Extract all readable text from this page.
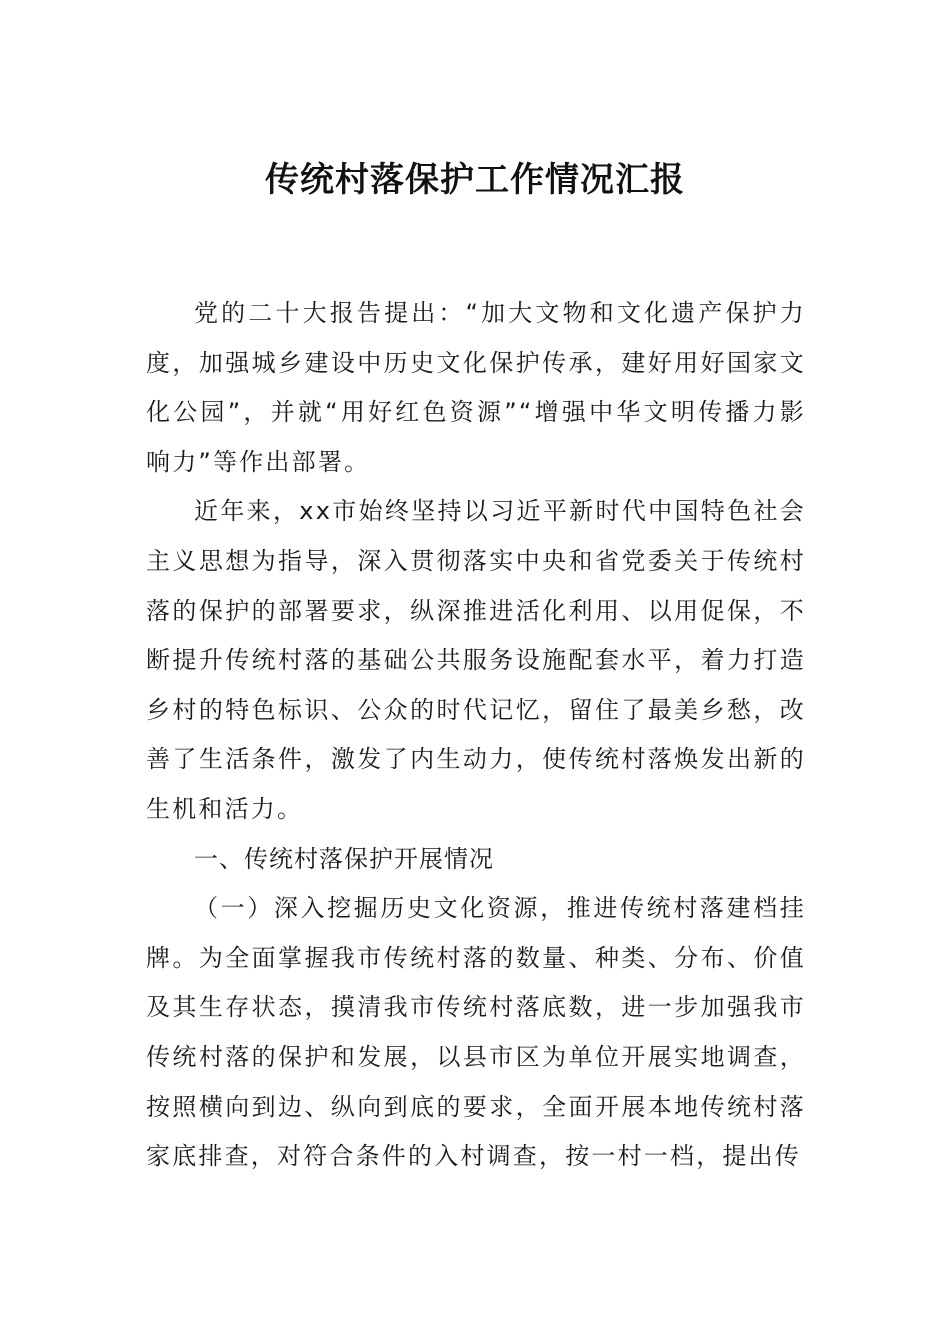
传统村落保护工作情况汇报

党的二十大报告提出：“加大文物和文化遗产保护力度，加强城乡建设中历史文化保护传承，建好用好国家文化公园”，并就“用好红色资源”“增强中华文明传播力影响力”等作出部署。

近年来，xx市始终坚持以习近平新时代中国特色社会主义思想为指导，深入贯彻落实中央和省党委关于传统村落的保护的部署要求，纵深推进活化利用、以用促保，不断提升传统村落的基础公共服务设施配套水平，着力打造乡村的特色标识、公众的时代记忆，留住了最美乡愁，改善了生活条件，激发了内生动力，使传统村落焕发出新的生机和活力。

一、传统村落保护开展情况

（一）深入挖掘历史文化资源，推进传统村落建档挂牌。为全面掌握我市传统村落的数量、种类、分布、价值及其生存状态，摸清我市传统村落底数，进一步加强我市传统村落的保护和发展，以县市区为单位开展实地调查，按照横向到边、纵向到底的要求，全面开展本地传统村落家底排查，对符合条件的入村调查，按一村一档，提出传
